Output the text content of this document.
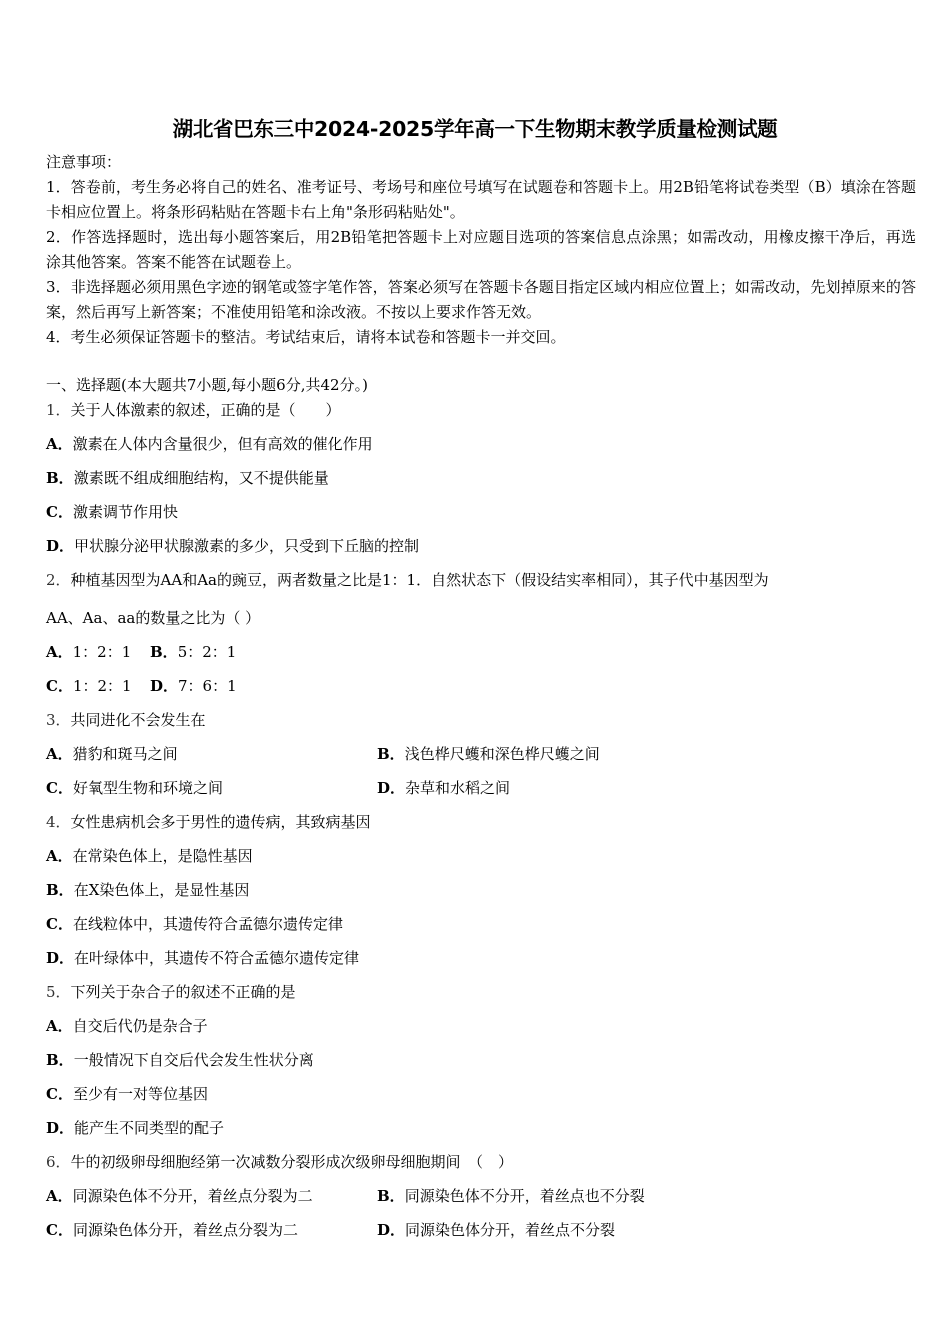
湖北省巴东三中2024-2025学年高一下生物期末教学质量检测试题

注意事项：

1．答卷前，考生务必将自己的姓名、准考证号、考场号和座位号填写在试题卷和答题卡上。用2B铅笔将试卷类型（B）填涂在答题卡相应位置上。将条形码粘贴在答题卡右上角"条形码粘贴处"。

2．作答选择题时，选出每小题答案后，用2B铅笔把答题卡上对应题目选项的答案信息点涂黑；如需改动，用橡皮擦干净后，再选涂其他答案。答案不能答在试题卷上。

3．非选择题必须用黑色字迹的钢笔或签字笔作答，答案必须写在答题卡各题目指定区域内相应位置上；如需改动，先划掉原来的答案，然后再写上新答案；不准使用铅笔和涂改液。不按以上要求作答无效。

4．考生必须保证答题卡的整洁。考试结束后，请将本试卷和答题卡一并交回。

一、选择题(本大题共7小题,每小题6分,共42分。)
1．关于人体激素的叙述，正确的是（　　）
A．激素在人体内含量很少，但有高效的催化作用
B．激素既不组成细胞结构，又不提供能量
C．激素调节作用快
D．甲状腺分泌甲状腺激素的多少，只受到下丘脑的控制
2．种植基因型为AA和Aa的豌豆，两者数量之比是1：1．自然状态下（假设结实率相同），其子代中基因型为
AA、Aa、aa的数量之比为（ ）
A．1：2：1 B．5：2：1
C．1：2：1 D．7：6：1
3．共同进化不会发生在
A．猎豹和斑马之间	B．浅色桦尺蠖和深色桦尺蠖之间
C．好氧型生物和环境之间	D．杂草和水稻之间
4．女性患病机会多于男性的遗传病，其致病基因
A．在常染色体上，是隐性基因
B．在X染色体上，是显性基因
C．在线粒体中，其遗传符合孟德尔遗传定律
D．在叶绿体中，其遗传不符合孟德尔遗传定律
5．下列关于杂合子的叙述不正确的是
A．自交后代仍是杂合子
B．一般情况下自交后代会发生性状分离
C．至少有一对等位基因
D．能产生不同类型的配子
6．牛的初级卵母细胞经第一次减数分裂形成次级卵母细胞期间　（　）
A．同源染色体不分开，着丝点分裂为二	B．同源染色体不分开，着丝点也不分裂
C．同源染色体分开，着丝点分裂为二	D．同源染色体分开，着丝点不分裂
